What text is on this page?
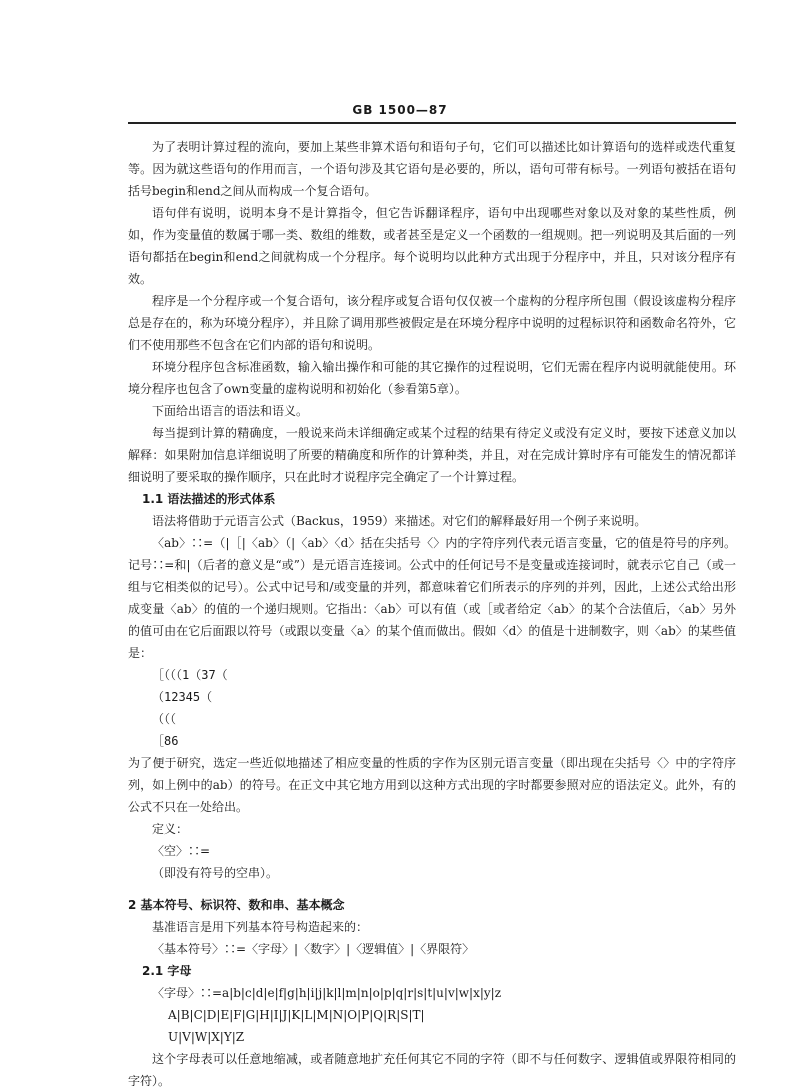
GB 1500—87

为了表明计算过程的流向，要加上某些非算术语句和语句子句，它们可以描述比如计算语句的选样或迭代重复等。因为就这些语句的作用而言，一个语句涉及其它语句是必要的，所以，语句可带有标号。一列语句被括在语句括号begin和end之间从而构成一个复合语句。

语句伴有说明，说明本身不是计算指令，但它告诉翻译程序，语句中出现哪些对象以及对象的某些性质，例如，作为变量值的数属于哪一类、数组的维数，或者甚至是定义一个函数的一组规则。把一列说明及其后面的一列语句都括在begin和end之间就构成一个分程序。每个说明均以此种方式出现于分程序中，并且，只对该分程序有效。

程序是一个分程序或一个复合语句，该分程序或复合语句仅仅被一个虚构的分程序所包围（假设该虚构分程序总是存在的，称为环境分程序），并且除了调用那些被假定是在环境分程序中说明的过程标识符和函数命名符外，它们不使用那些不包含在它们内部的语句和说明。

环境分程序包含标准函数，输入输出操作和可能的其它操作的过程说明，它们无需在程序内说明就能使用。环境分程序也包含了own变量的虚构说明和初始化（参看第5章）。

下面给出语言的语法和语义。

每当提到计算的精确度，一般说来尚未详细确定或某个过程的结果有待定义或没有定义时，要按下述意义加以解释：如果附加信息详细说明了所要的精确度和所作的计算种类，并且，对在完成计算时序有可能发生的情况都详细说明了要采取的操作顺序，只在此时才说程序完全确定了一个计算过程。

1.1 语法描述的形式体系

语法将借助于元语言公式（Backus，1959）来描述。对它们的解释最好用一个例子来说明。

〈ab〉∷=（|［|〈ab〉（|〈ab〉〈d〉括在尖括号〈〉内的字符序列代表元语言变量，它的值是符号的序列。记号∷=和|（后者的意义是“或”）是元语言连接词。公式中的任何记号不是变量或连接词时，就表示它自己（或一组与它相类似的记号）。公式中记号和/或变量的并列，都意味着它们所表示的序列的并列，因此，上述公式给出形成变量〈ab〉的值的一个递归规则。它指出：〈ab〉可以有值（或［或者给定〈ab〉的某个合法值后，〈ab〉另外的值可由在它后面跟以符号（或跟以变量〈a〉的某个值而做出。假如〈d〉的值是十进制数字，则〈ab〉的某些值是：

［（（（1（37（

（12345（

（（（

［86

为了便于研究，选定一些近似地描述了相应变量的性质的字作为区别元语言变量（即出现在尖括号〈〉中的字符序列，如上例中的ab）的符号。在正文中其它地方用到以这种方式出现的字时都要参照对应的语法定义。此外，有的公式不只在一处给出。

定义：

〈空〉∷=

（即没有符号的空串）。

2 基本符号、标识符、数和串、基本概念

基准语言是用下列基本符号构造起来的：

〈基本符号〉∷=〈字母〉|〈数字〉|〈逻辑值〉|〈界限符〉

2.1 字母

〈字母〉∷=a|b|c|d|e|f|g|h|i|j|k|l|m|n|o|p|q|r|s|t|u|v|w|x|y|z

A|B|C|D|E|F|G|H|I|J|K|L|M|N|O|P|Q|R|S|T|

U|V|W|X|Y|Z

这个字母表可以任意地缩减，或者随意地扩充任何其它不同的字符（即不与任何数字、逻辑值或界限符相同的字符）。
